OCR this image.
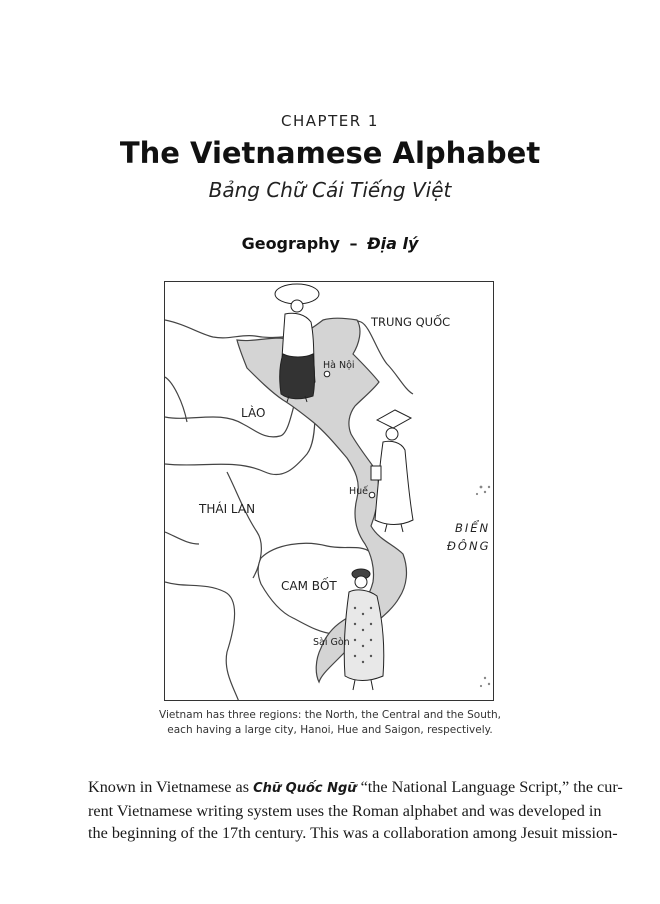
CHAPTER 1
The Vietnamese Alphabet
Bảng Chữ Cái Tiếng Việt
Geography – Địa lý
TRUNG QUỐC
LÀO
THÁI LAN
CAM BỐT
BIỂN
ĐÔNG
Hà Nội
Huế
Sài Gòn
Vietnam has three regions: the North, the Central and the South,
each having a large city, Hanoi, Hue and Saigon, respectively.
Known in Vietnamese as Chữ Quốc Ngữ “the National Language Script,” the cur-
rent Vietnamese writing system uses the Roman alphabet and was developed in
the beginning of the 17th century. This was a collaboration among Jesuit mission-
